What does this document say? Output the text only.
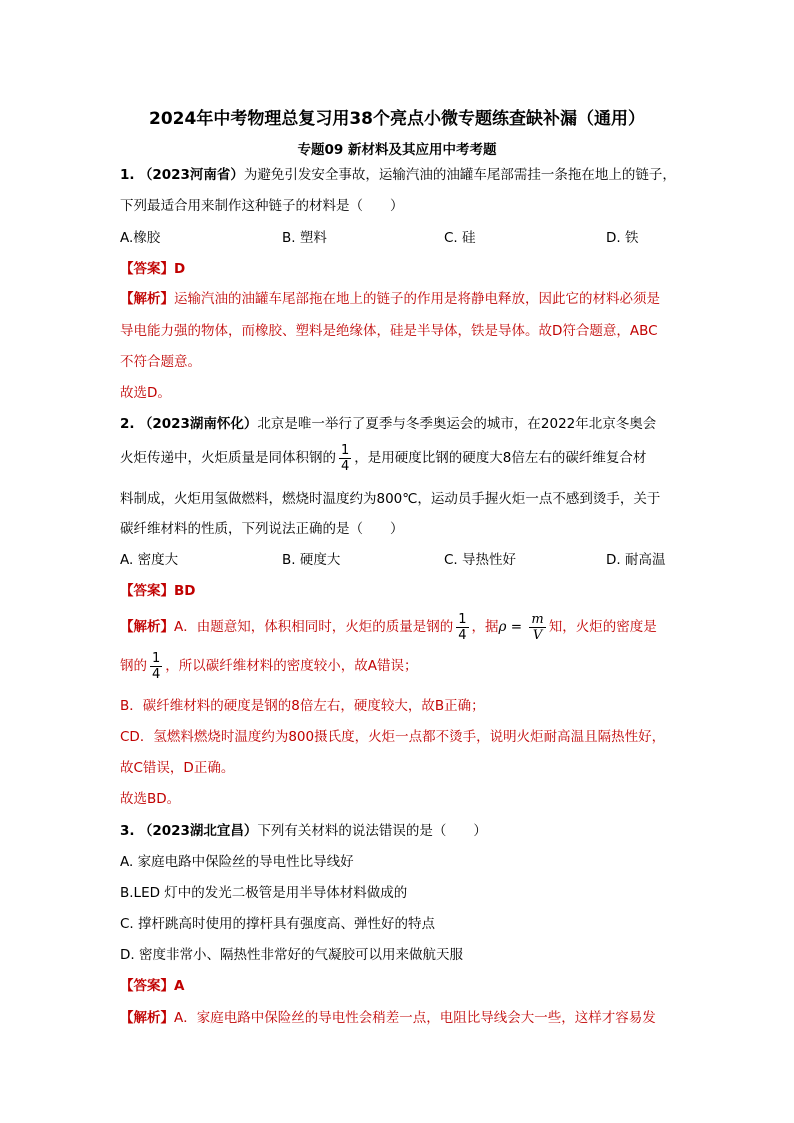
2024年中考物理总复习用38个亮点小微专题练查缺补漏（通用）
专题09 新材料及其应用中考考题
1. （2023河南省）为避免引发安全事故，运输汽油的油罐车尾部需挂一条拖在地上的链子，
下列最适合用来制作这种链子的材料是（　　）
A.橡胶	B. 塑料	C. 硅	D. 铁
【答案】D
【解析】运输汽油的油罐车尾部拖在地上的链子的作用是将静电释放，因此它的材料必须是
导电能力强的物体，而橡胶、塑料是绝缘体，硅是半导体，铁是导体。故D符合题意，ABC
不符合题意。
故选D。
2. （2023湖南怀化）北京是唯一举行了夏季与冬季奥运会的城市，在2022年北京冬奥会
火炬传递中，火炬质量是同体积钢的 $\frac{1}{4}$ ，是用硬度比钢的硬度大8倍左右的碳纤维复合材
料制成，火炬用氢做燃料，燃烧时温度约为800℃，运动员手握火炬一点不感到烫手，关于
碳纤维材料的性质，下列说法正确的是（　　）
A. 密度大	B. 硬度大	C. 导热性好	D. 耐高温
【答案】BD
【解析】A．由题意知，体积相同时，火炬的质量是钢的 $\frac{1}{4}$ ，据$\rho = \frac{m}{V}$ 知，火炬的密度是
钢的 $\frac{1}{4}$ ，所以碳纤维材料的密度较小，故A错误；
B．碳纤维材料的硬度是钢的8倍左右，硬度较大，故B正确；
CD．氢燃料燃烧时温度约为800摄氏度，火炬一点都不烫手，说明火炬耐高温且隔热性好，
故C错误，D正确。
故选BD。
3. （2023湖北宜昌）下列有关材料的说法错误的是（　　）
A. 家庭电路中保险丝的导电性比导线好
B.LED 灯中的发光二极管是用半导体材料做成的
C. 撑杆跳高时使用的撑杆具有强度高、弹性好的特点
D. 密度非常小、隔热性非常好的气凝胶可以用来做航天服
【答案】A
【解析】A．家庭电路中保险丝的导电性会稍差一点，电阻比导线会大一些，这样才容易发
